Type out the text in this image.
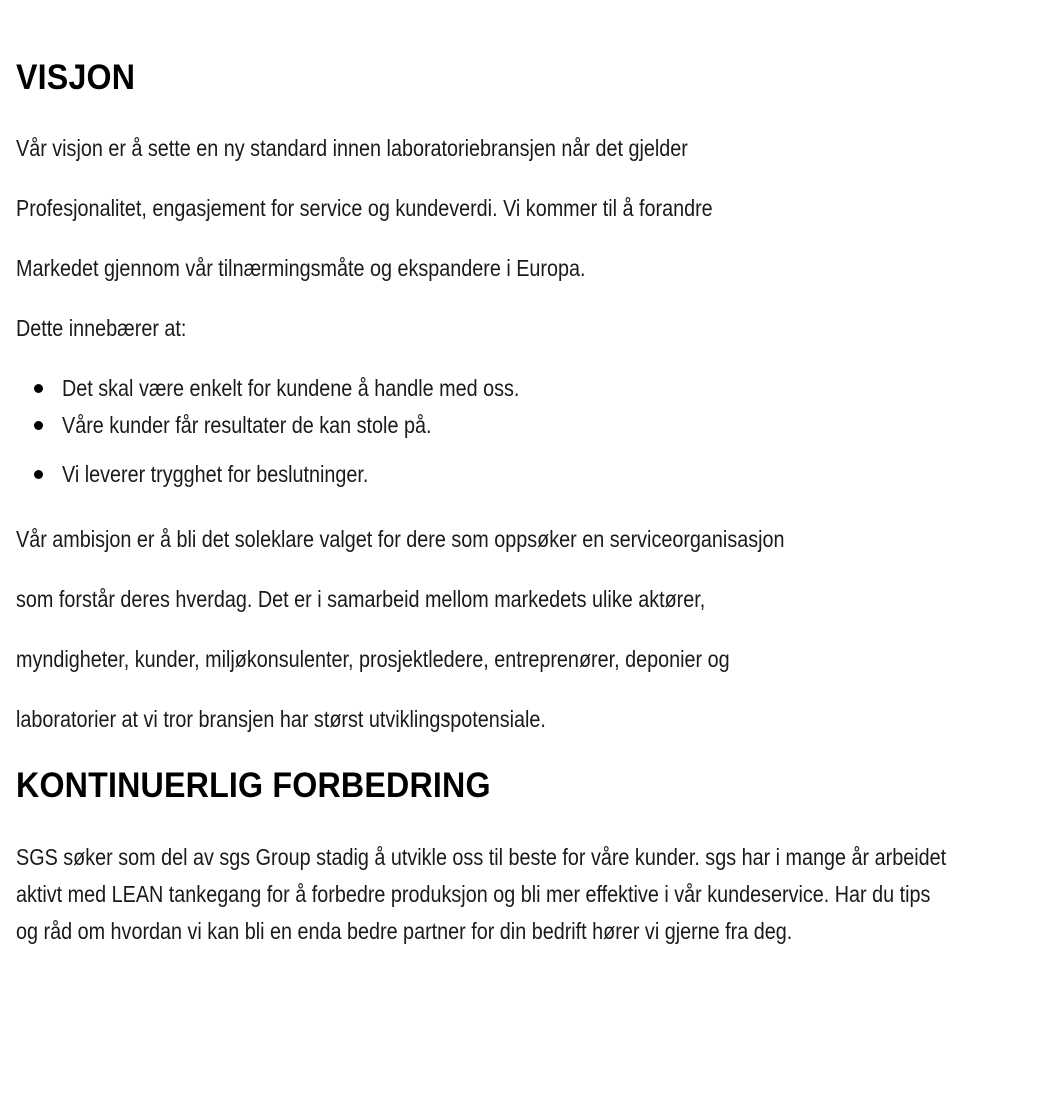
VISJON

Vår visjon er å sette en ny standard innen laboratoriebransjen når det gjelder

Profesjonalitet, engasjement for service og kundeverdi. Vi kommer til å forandre

Markedet gjennom vår tilnærmingsmåte og ekspandere i Europa.

Dette innebærer at:

Det skal være enkelt for kundene å handle med oss.

Våre kunder får resultater de kan stole på.

Vi leverer trygghet for beslutninger.

Vår ambisjon er å bli det soleklare valget for dere som oppsøker en serviceorganisasjon

som forstår deres hverdag. Det er i samarbeid mellom markedets ulike aktører,

myndigheter, kunder, miljøkonsulenter, prosjektledere, entreprenører, deponier og

laboratorier at vi tror bransjen har størst utviklingspotensiale.

KONTINUERLIG FORBEDRING

SGS søker som del av sgs Group stadig å utvikle oss til beste for våre kunder. sgs har i mange år arbeidet

aktivt med LEAN tankegang for å forbedre produksjon og bli mer effektive i vår kundeservice. Har du tips

og råd om hvordan vi kan bli en enda bedre partner for din bedrift hører vi gjerne fra deg.
